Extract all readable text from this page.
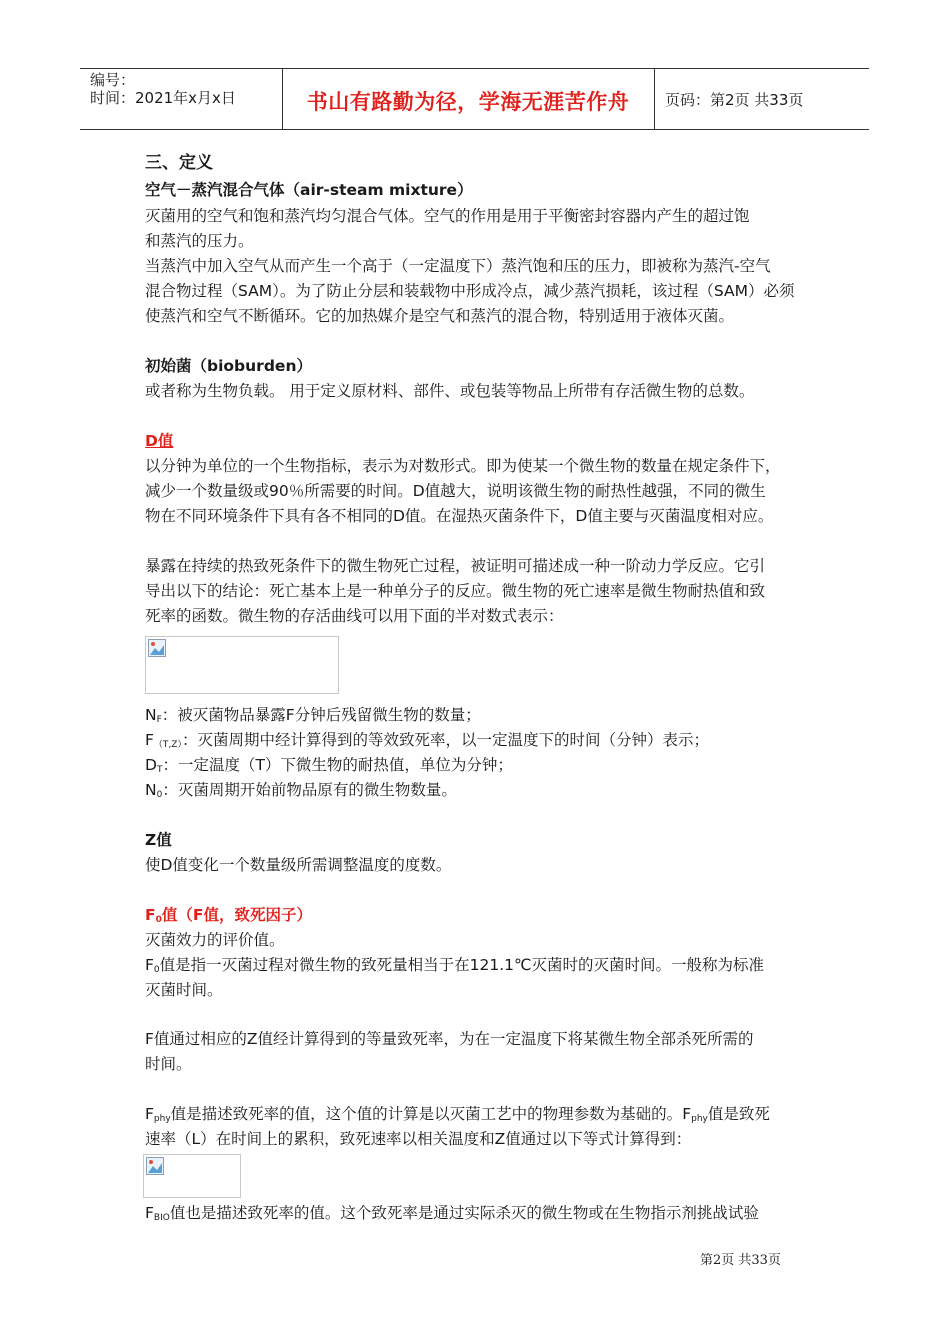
编号：
时间：2021年x月x日	书山有路勤为径，学海无涯苦作舟	页码：第2页 共33页
三、定义
空气－蒸汽混合气体（air-steam mixture）
灭菌用的空气和饱和蒸汽均匀混合气体。空气的作用是用于平衡密封容器内产生的超过饱
和蒸汽的压力。
当蒸汽中加入空气从而产生一个高于（一定温度下）蒸汽饱和压的压力，即被称为蒸汽-空气
混合物过程（SAM）。为了防止分层和装载物中形成冷点，减少蒸汽损耗，该过程（SAM）必须
使蒸汽和空气不断循环。它的加热媒介是空气和蒸汽的混合物，特别适用于液体灭菌。
初始菌（bioburden）
或者称为生物负载。 用于定义原材料、部件、或包装等物品上所带有存活微生物的总数。
D值
以分钟为单位的一个生物指标，表示为对数形式。即为使某一个微生物的数量在规定条件下，
减少一个数量级或90％所需要的时间。D值越大，说明该微生物的耐热性越强，不同的微生
物在不同环境条件下具有各不相同的D值。在湿热灭菌条件下，D值主要与灭菌温度相对应。
暴露在持续的热致死条件下的微生物死亡过程，被证明可描述成一种一阶动力学反应。它引
导出以下的结论：死亡基本上是一种单分子的反应。微生物的死亡速率是微生物耐热值和致
死率的函数。微生物的存活曲线可以用下面的半对数式表示：
$N_F$：被灭菌物品暴露F分钟后残留微生物的数量；
$F_{(T,Z)}$：灭菌周期中经计算得到的等效致死率，以一定温度下的时间（分钟）表示；
$D_T$：一定温度（T）下微生物的耐热值，单位为分钟；
$N_0$：灭菌周期开始前物品原有的微生物数量。
Z值
使D值变化一个数量级所需调整温度的度数。
$F_0$值（F值，致死因子）
灭菌效力的评价值。
$F_0$值是指一灭菌过程对微生物的致死量相当于在121.1℃灭菌时的灭菌时间。一般称为标准
灭菌时间。
F值通过相应的Z值经计算得到的等量致死率，为在一定温度下将某微生物全部杀死所需的
时间。
$F_{phy}$值是描述致死率的值，这个值的计算是以灭菌工艺中的物理参数为基础的。$F_{phy}$值是致死
速率（L）在时间上的累积，致死速率以相关温度和Z值通过以下等式计算得到：
$F_{BIO}$值也是描述致死率的值。这个致死率是通过实际杀灭的微生物或在生物指示剂挑战试验
第2页 共33页
